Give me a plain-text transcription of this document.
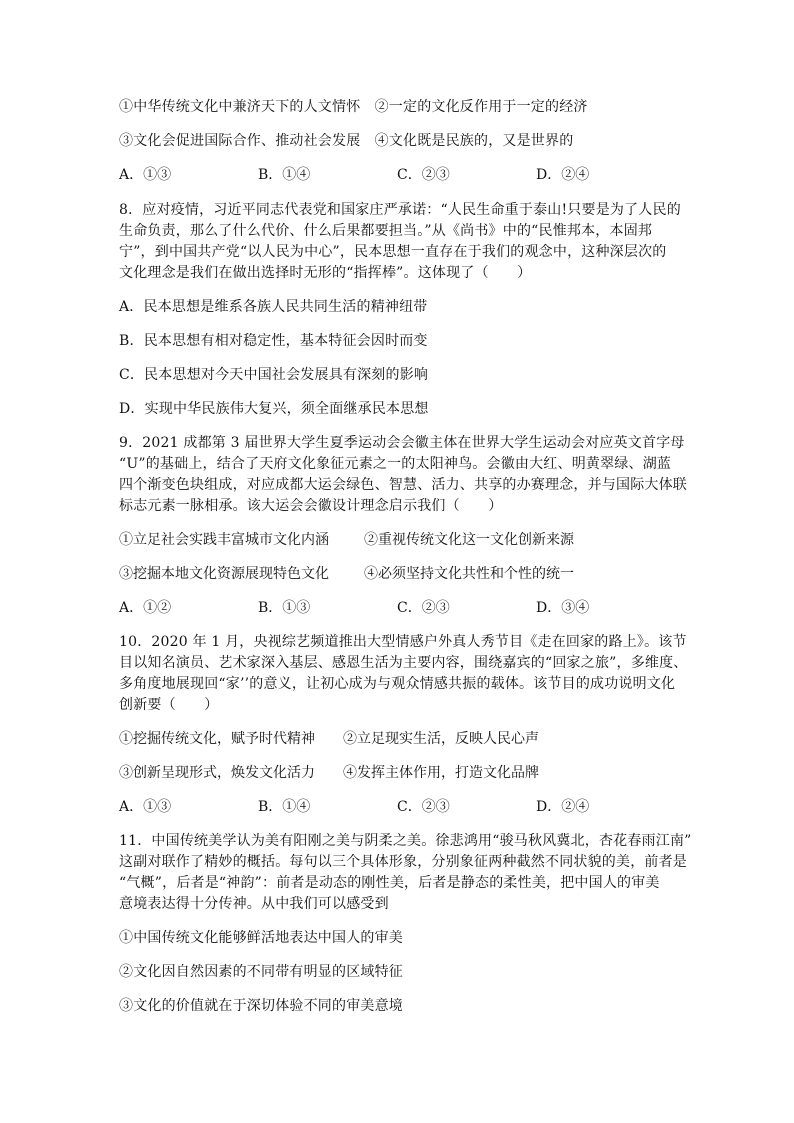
①中华传统文化中兼济天下的人文情怀　②一定的文化反作用于一定的经济
③文化会促进国际合作、推动社会发展　④文化既是民族的，又是世界的
A．①③	B．①④	C．②③	D．②④
8．应对疫情，习近平同志代表党和国家庄严承诺：“人民生命重于泰山!只要是为了人民的
生命负责，那么了什么代价、什么后果都要担当。”从《尚书》中的“民惟邦本，本固邦
宁”，到中国共产党“以人民为中心”，民本思想一直存在于我们的观念中，这种深层次的
文化理念是我们在做出选择时无形的“指挥棒”。这体现了（　　）
A．民本思想是维系各族人民共同生活的精神纽带
B．民本思想有相对稳定性，基本特征会因时而变
C．民本思想对今天中国社会发展具有深刻的影响
D．实现中华民族伟大复兴，须全面继承民本思想
9．2021 成都第 3 届世界大学生夏季运动会会徽主体在世界大学生运动会对应英文首字母
“U”的基础上，结合了天府文化象征元素之一的太阳神鸟。会徽由大红、明黄翠绿、湖蓝
四个渐变色块组成，对应成都大运会绿色、智慧、活力、共享的办赛理念，并与国际大体联
标志元素一脉相承。该大运会会徽设计理念启示我们（　　）
①立足社会实践丰富城市文化内涵	②重视传统文化这一文化创新来源
③挖掘本地文化资源展现特色文化	④必须坚持文化共性和个性的统一
A．①②	B．①③	C．②③	D．③④
10．2020 年 1 月，央视综艺频道推出大型情感户外真人秀节目《走在回家的路上》。该节
目以知名演员、艺术家深入基层、感恩生活为主要内容，围绕嘉宾的“回家之旅”，多维度、
多角度地展现回“家’’的意义，让初心成为与观众情感共振的载体。该节目的成功说明文化
创新要（　　）
①挖掘传统文化，赋予时代精神 ②立足现实生活，反映人民心声
③创新呈现形式，焕发文化活力 ④发挥主体作用，打造文化品牌
A．①③	B．①④	C．②③	D．②④
11．中国传统美学认为美有阳刚之美与阴柔之美。徐悲鸿用“骏马秋风冀北，杏花春雨江南”
这副对联作了精妙的概括。每句以三个具体形象，分别象征两种截然不同状貌的美，前者是
“气概”，后者是“神韵”：前者是动态的刚性美，后者是静态的柔性美，把中国人的审美
意境表达得十分传神。从中我们可以感受到
①中国传统文化能够鲜活地表达中国人的审美
②文化因自然因素的不同带有明显的区域特征
③文化的价值就在于深切体验不同的审美意境
